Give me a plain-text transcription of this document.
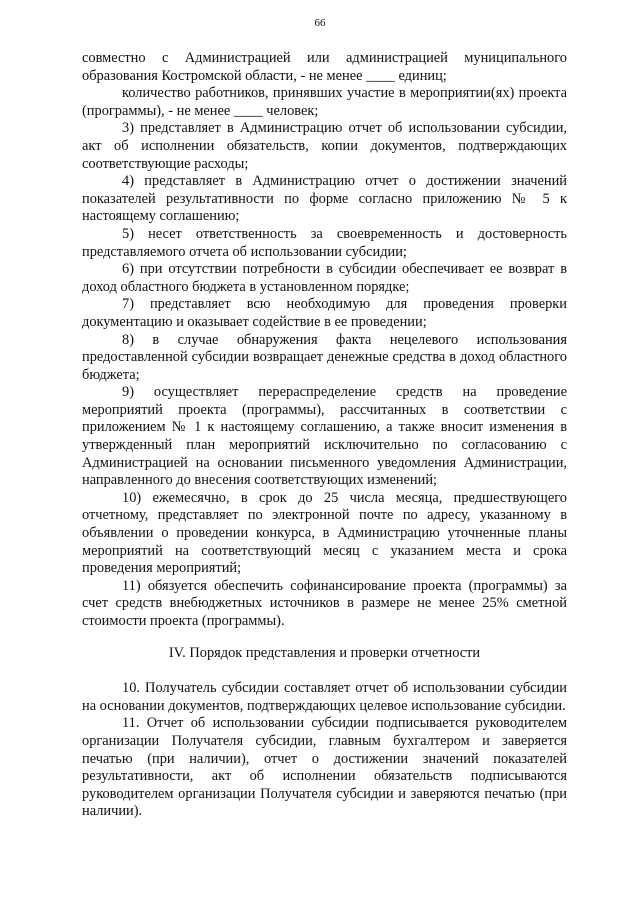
66

совместно с Администрацией или администрацией муниципального образования Костромской области, - не менее ____ единиц;

количество работников, принявших участие в мероприятии(ях) проекта (программы), - не менее ____ человек;

3) представляет в Администрацию отчет об использовании субсидии, акт об исполнении обязательств, копии документов, подтверждающих соответствующие расходы;

4) представляет в Администрацию отчет о достижении значений показателей результативности по форме согласно приложению № 5 к настоящему соглашению;

5) несет ответственность за своевременность и достоверность представляемого отчета об использовании субсидии;

6) при отсутствии потребности в субсидии обеспечивает ее возврат в доход областного бюджета в установленном порядке;

7) представляет всю необходимую для проведения проверки документацию и оказывает содействие в ее проведении;

8) в случае обнаружения факта нецелевого использования предоставленной субсидии возвращает денежные средства в доход областного бюджета;

9) осуществляет перераспределение средств на проведение мероприятий проекта (программы), рассчитанных в соответствии с приложением № 1 к настоящему соглашению, а также вносит изменения в утвержденный план мероприятий исключительно по согласованию с Администрацией на основании письменного уведомления Администрации, направленного до внесения соответствующих изменений;

10) ежемесячно, в срок до 25 числа месяца, предшествующего отчетному, представляет по электронной почте по адресу, указанному в объявлении о проведении конкурса, в Администрацию уточненные планы мероприятий на соответствующий месяц с указанием места и срока проведения мероприятий;

11) обязуется обеспечить софинансирование проекта (программы) за счет средств внебюджетных источников в размере не менее 25% сметной стоимости проекта (программы).

IV. Порядок представления и проверки отчетности

10. Получатель субсидии составляет отчет об использовании субсидии на основании документов, подтверждающих целевое использование субсидии.

11. Отчет об использовании субсидии подписывается руководителем организации Получателя субсидии, главным бухгалтером и заверяется печатью (при наличии), отчет о достижении значений показателей результативности, акт об исполнении обязательств подписываются руководителем организации Получателя субсидии и заверяются печатью (при наличии).
